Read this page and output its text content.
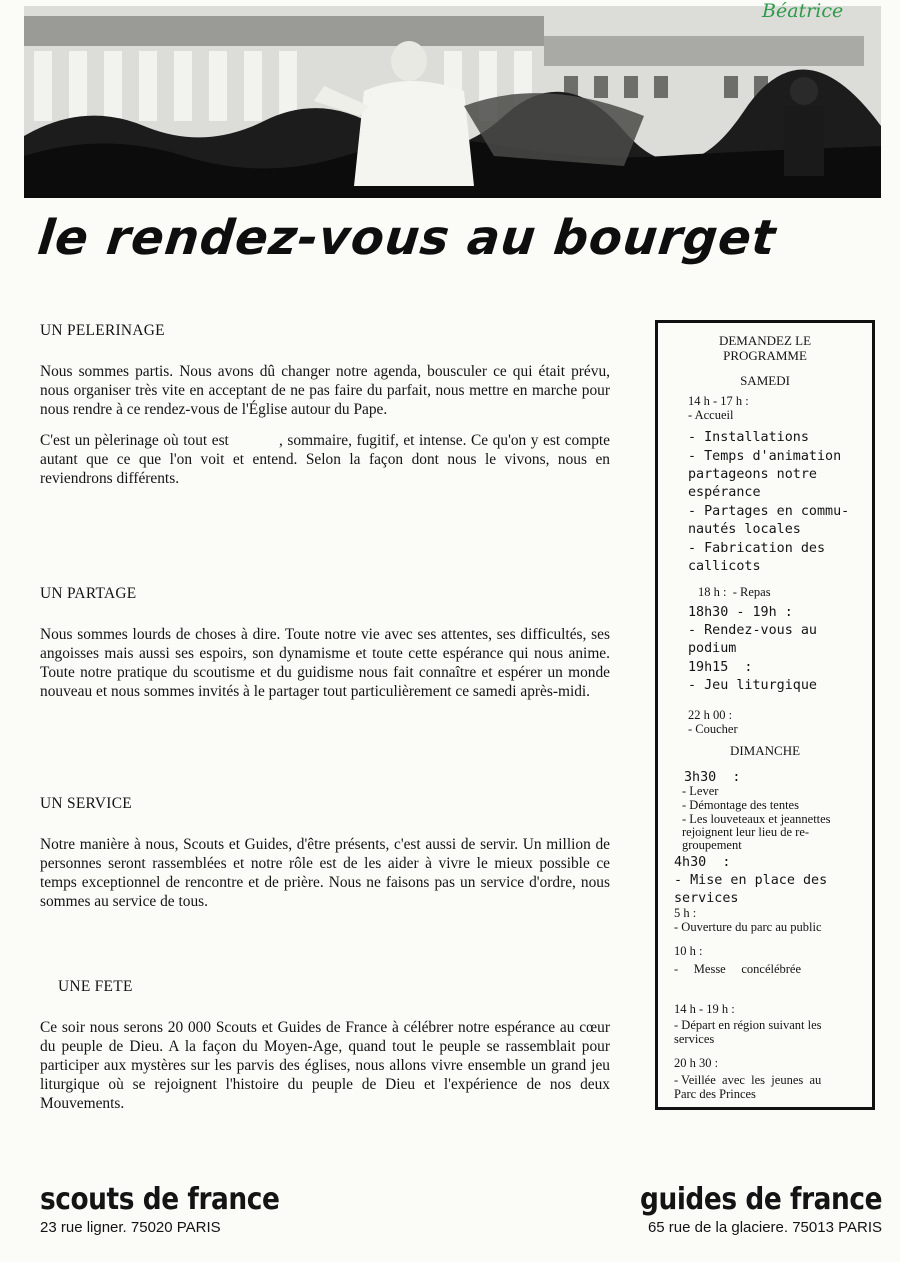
Béatrice
le rendez-vous au bourget
UN PELERINAGE

Nous sommes partis. Nous avons dû changer notre agenda, bousculer ce qui était prévu, nous organiser très vite en acceptant de ne pas faire du parfait, nous mettre en marche pour nous rendre à ce rendez-vous de l'Église autour du Pape.

C'est un pèlerinage où tout est           , sommaire, fugitif, et intense. Ce qu'on y est compte autant que ce que l'on voit et entend. Selon la façon dont nous le vivons, nous en reviendrons différents.

UN PARTAGE

Nous sommes lourds de choses à dire. Toute notre vie avec ses attentes, ses difficultés, ses angoisses mais aussi ses espoirs, son dynamisme et toute cette espérance qui nous anime. Toute notre pratique du scoutisme et du guidisme nous fait connaître et espérer un monde nouveau et nous sommes invités à le partager tout particulièrement ce samedi après-midi.

UN SERVICE

Notre manière à nous, Scouts et Guides, d'être présents, c'est aussi de servir. Un million de personnes seront rassemblées et notre rôle est de les aider à vivre le mieux possible ce temps exceptionnel de rencontre et de prière. Nous ne faisons pas un service d'ordre, nous sommes au service de tous.

UNE FETE

Ce soir nous serons 20 000 Scouts et Guides de France à célébrer notre espérance au cœur du peuple de Dieu. A la façon du Moyen-Age, quand tout le peuple se rassemblait pour participer aux mystères sur les parvis des églises, nous allons vivre ensemble un grand jeu liturgique où se rejoignent l'histoire du peuple de Dieu et l'expérience de nos deux Mouvements.

DEMANDEZ LE
PROGRAMME
SAMEDI
DIMANCHE
14 h - 17 h :
- Accueil
- Installations
- Temps d'animation
partageons notre
espérance
- Partages en commu-
nautés locales
- Fabrication des
callicots
18 h :  - Repas
18h30 - 19h :
- Rendez-vous au
podium
19h15  :
- Jeu liturgique
22 h 00 :
- Coucher
3h30  :
- Lever
- Démontage des tentes
- Les louveteaux et jeannettes
rejoignent leur lieu de re-
groupement
4h30  :
- Mise en place des
services
5 h :
- Ouverture du parc au public
10 h :
-     Messe     concélébrée
14 h - 19 h :
- Départ en région suivant les
services
20 h 30 :
- Veillée  avec  les  jeunes  au
Parc des Princes
scouts de france
23 rue ligner. 75020 PARIS
guides de france
65 rue de la glaciere. 75013 PARIS
